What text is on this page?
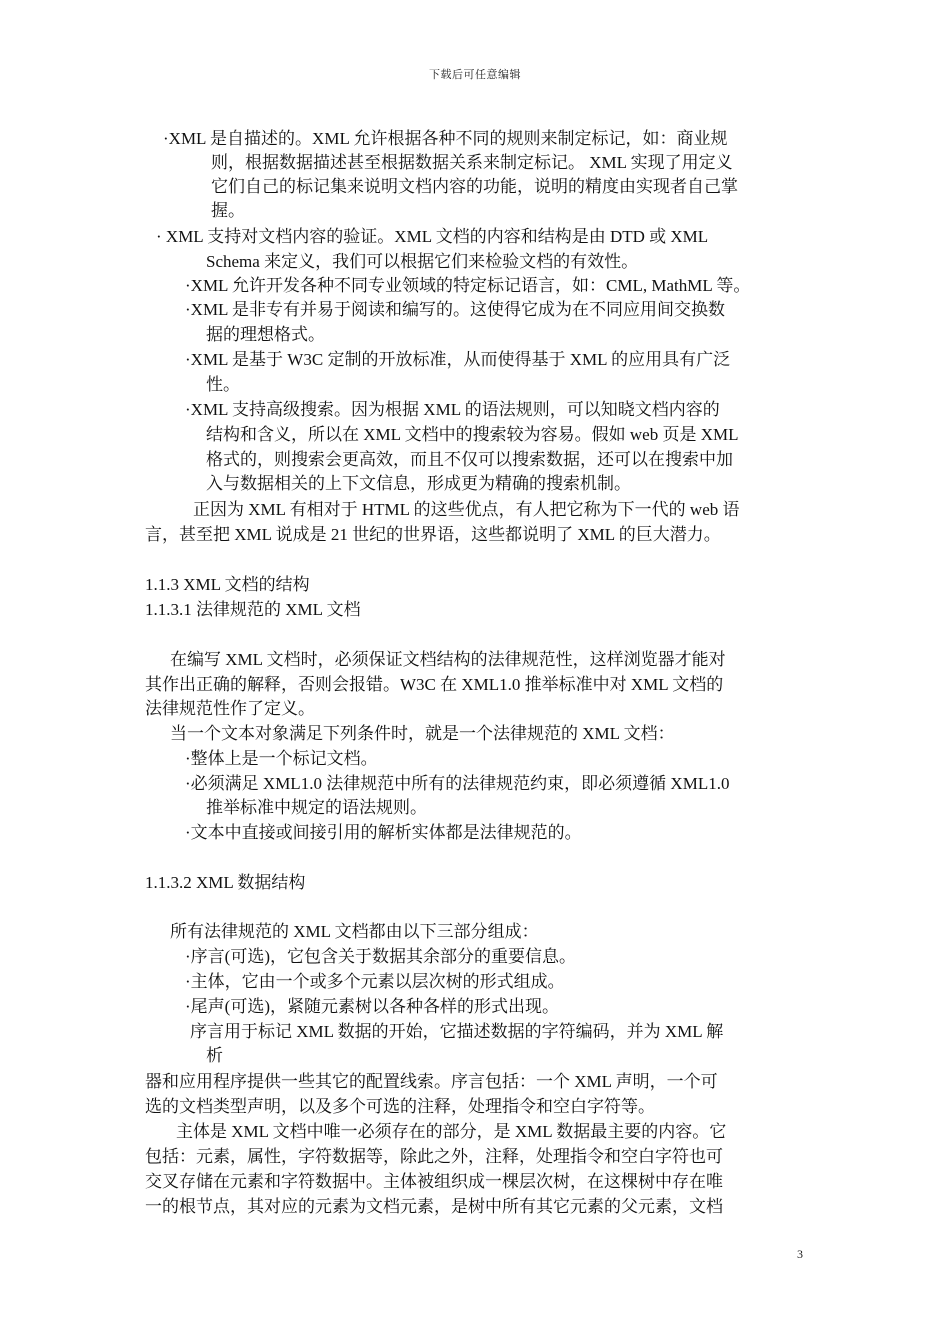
下载后可任意编辑
·XML 是自描述的。XML 允许根据各种不同的规则来制定标记，如：商业规
则，根据数据描述甚至根据数据关系来制定标记。 XML 实现了用定义
它们自己的标记集来说明文档内容的功能，说明的精度由实现者自己掌
握。
· XML 支持对文档内容的验证。XML 文档的内容和结构是由 DTD 或 XML
Schema 来定义，我们可以根据它们来检验文档的有效性。
·XML 允许开发各种不同专业领域的特定标记语言，如：CML, MathML 等。
·XML 是非专有并易于阅读和编写的。这使得它成为在不同应用间交换数
据的理想格式。
·XML 是基于 W3C 定制的开放标准，从而使得基于 XML 的应用具有广泛
性。
·XML 支持高级搜索。因为根据 XML 的语法规则，可以知晓文档内容的
结构和含义，所以在 XML 文档中的搜索较为容易。假如 web 页是 XML
格式的，则搜索会更高效，而且不仅可以搜索数据，还可以在搜索中加
入与数据相关的上下文信息，形成更为精确的搜索机制。
正因为 XML 有相对于 HTML 的这些优点，有人把它称为下一代的 web 语
言，甚至把 XML 说成是 21 世纪的世界语，这些都说明了 XML 的巨大潜力。
1.1.3 XML 文档的结构
1.1.3.1 法律规范的 XML 文档
在编写 XML 文档时，必须保证文档结构的法律规范性，这样浏览器才能对
其作出正确的解释，否则会报错。W3C 在 XML1.0 推举标准中对 XML 文档的
法律规范性作了定义。
当一个文本对象满足下列条件时，就是一个法律规范的 XML 文档：
·整体上是一个标记文档。
·必须满足 XML1.0 法律规范中所有的法律规范约束，即必须遵循 XML1.0
推举标准中规定的语法规则。
·文本中直接或间接引用的解析实体都是法律规范的。
1.1.3.2 XML 数据结构
所有法律规范的 XML 文档都由以下三部分组成：
·序言(可选)，它包含关于数据其余部分的重要信息。
·主体，它由一个或多个元素以层次树的形式组成。
·尾声(可选)，紧随元素树以各种各样的形式出现。
序言用于标记 XML 数据的开始，它描述数据的字符编码，并为 XML 解
析
器和应用程序提供一些其它的配置线索。序言包括：一个 XML 声明，一个可
选的文档类型声明，以及多个可选的注释，处理指令和空白字符等。
主体是 XML 文档中唯一必须存在的部分，是 XML 数据最主要的内容。它
包括：元素，属性，字符数据等，除此之外，注释，处理指令和空白字符也可
交叉存储在元素和字符数据中。主体被组织成一棵层次树，在这棵树中存在唯
一的根节点，其对应的元素为文档元素，是树中所有其它元素的父元素，文档
3
